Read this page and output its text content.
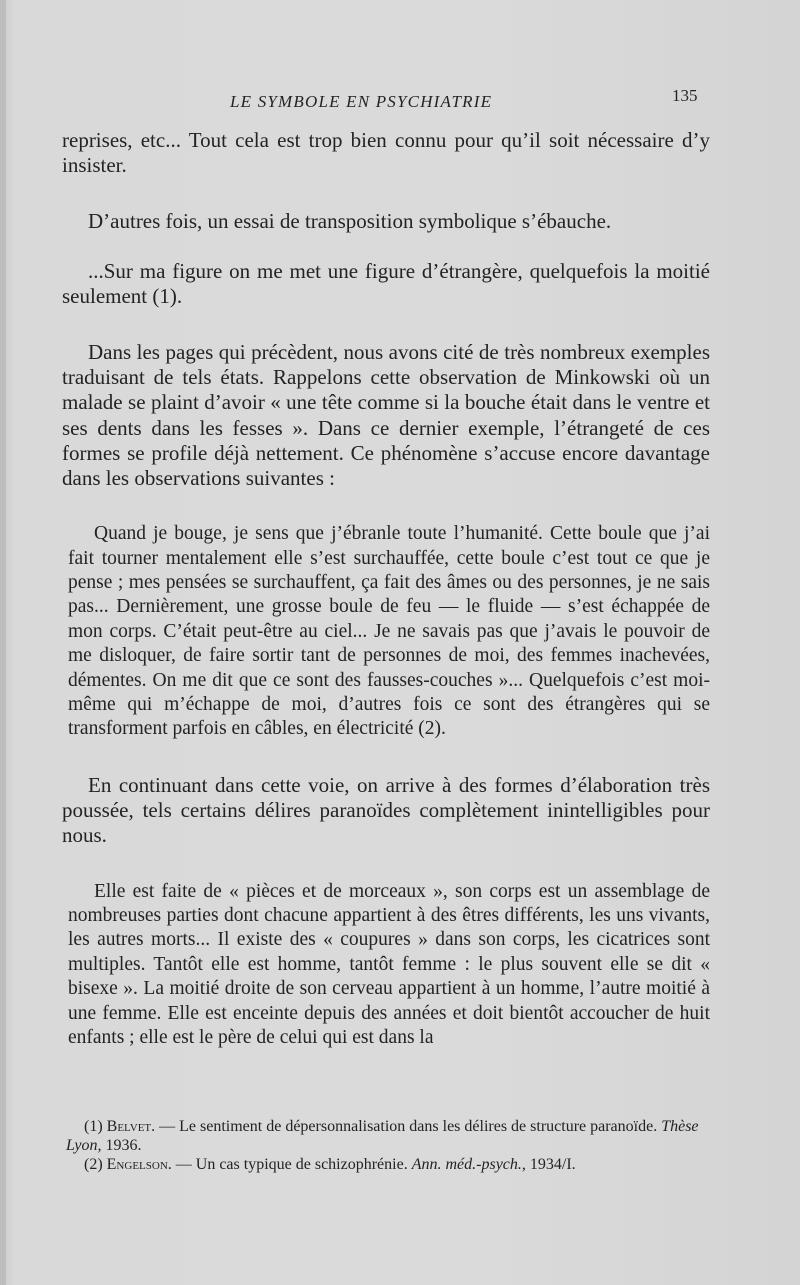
LE SYMBOLE EN PSYCHIATRIE	135

reprises, etc... Tout cela est trop bien connu pour qu’il soit nécessaire d’y insister.

D’autres fois, un essai de transposition symbolique s’ébauche.

...Sur ma figure on me met une figure d’étrangère, quelquefois la moitié seulement (1).

Dans les pages qui précèdent, nous avons cité de très nombreux exemples traduisant de tels états. Rappelons cette observation de Minkowski où un malade se plaint d’avoir « une tête comme si la bouche était dans le ventre et ses dents dans les fesses ». Dans ce dernier exemple, l’étrangeté de ces formes se profile déjà nettement. Ce phénomène s’accuse encore davantage dans les observations suivantes :

Quand je bouge, je sens que j’ébranle toute l’humanité. Cette boule que j’ai fait tourner mentalement elle s’est surchauffée, cette boule c’est tout ce que je pense ; mes pensées se surchauffent, ça fait des âmes ou des personnes, je ne sais pas... Dernièrement, une grosse boule de feu — le fluide — s’est échappée de mon corps. C’était peut-être au ciel... Je ne savais pas que j’avais le pouvoir de me disloquer, de faire sortir tant de personnes de moi, des femmes inachevées, démentes. On me dit que ce sont des fausses-couches »... Quelquefois c’est moi-même qui m’échappe de moi, d’autres fois ce sont des étrangères qui se transforment parfois en câbles, en électricité (2).

En continuant dans cette voie, on arrive à des formes d’élaboration très poussée, tels certains délires paranoïdes complètement inintelligibles pour nous.

Elle est faite de « pièces et de morceaux », son corps est un assemblage de nombreuses parties dont chacune appartient à des êtres différents, les uns vivants, les autres morts... Il existe des « coupures » dans son corps, les cicatrices sont multiples. Tantôt elle est homme, tantôt femme : le plus souvent elle se dit « bisexe ». La moitié droite de son cerveau appartient à un homme, l’autre moitié à une femme. Elle est enceinte depuis des années et doit bientôt accoucher de huit enfants ; elle est le père de celui qui est dans la

(1) Belvet. — Le sentiment de dépersonnalisation dans les délires de structure paranoïde. Thèse Lyon, 1936.

(2) Engelson. — Un cas typique de schizophrénie. Ann. méd.-psych., 1934/I.
